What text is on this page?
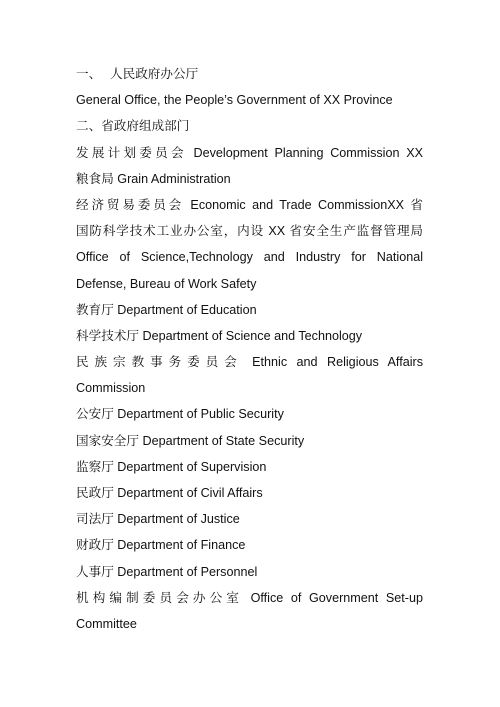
一、 人民政府办公厅
General Office, the People’s Government of XX Province
二、省政府组成部门
发展计划委员会 Development Planning Commission XX
粮食局 Grain Administration
经济贸易委员会 Economic and Trade CommissionXX 省
国防科学技术工业办公室，内设 XX 省安全生产监督管理局
Office of Science,Technology and Industry for National
Defense, Bureau of Work Safety
教育厅 Department of Education
科学技术厅 Department of Science and Technology
民族宗教事务委员会 Ethnic and Religious Affairs
Commission
公安厅 Department of Public Security
国家安全厅 Department of State Security
监察厅 Department of Supervision
民政厅 Department of Civil Affairs
司法厅 Department of Justice
财政厅 Department of Finance
人事厅 Department of Personnel
机构编制委员会办公室 Office of Government Set-up
Committee
